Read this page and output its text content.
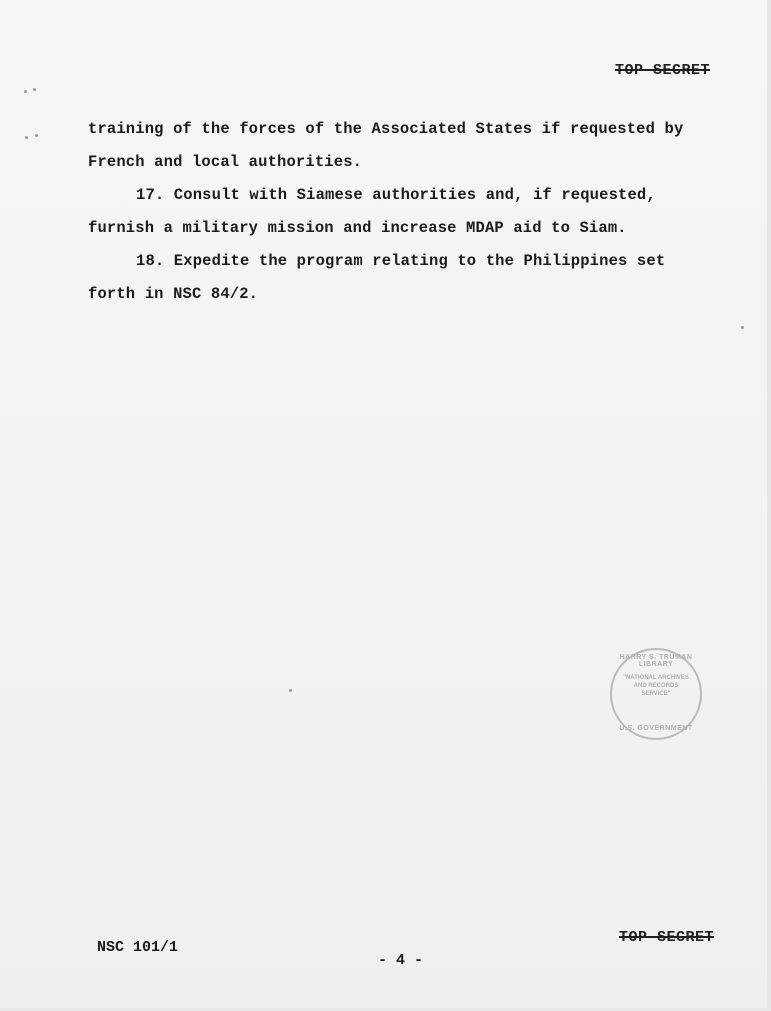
TOP SECRET
training of the forces of the Associated States if requested by
French and local authorities.
17. Consult with Siamese authorities and, if requested,
furnish a military mission and increase MDAP aid to Siam.
18. Expedite the program relating to the Philippines set
forth in NSC 84/2.
HARRY S. TRUMAN LIBRARY
"NATIONAL ARCHIVES AND RECORDS SERVICE"
U.S. GOVERNMENT
NSC 101/1
- 4 -
TOP SECRET
